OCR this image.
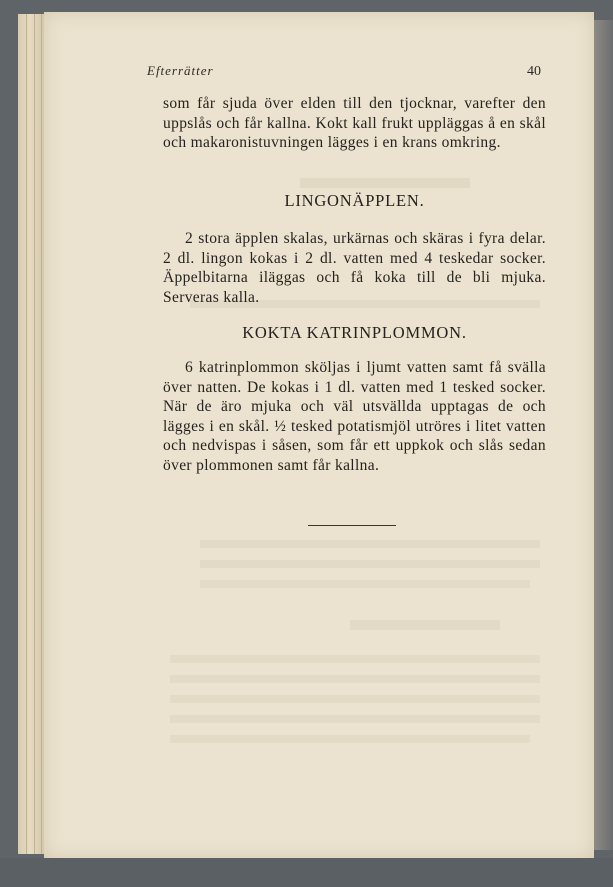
Efterrätter	40

som får sjuda över elden till den tjocknar, varefter den uppslås och får kallna. Kokt kall frukt uppläggas å en skål och makaronistuvningen lägges i en krans omkring.

LINGONÄPPLEN.

2 stora äpplen skalas, urkärnas och skäras i fyra delar. 2 dl. lingon kokas i 2 dl. vatten med 4 teskedar socker. Äppelbitarna iläggas och få koka till de bli mjuka. Serveras kalla.

KOKTA KATRINPLOMMON.

6 katrinplommon sköljas i ljumt vatten samt få svälla över natten. De kokas i 1 dl. vatten med 1 tesked socker. När de äro mjuka och väl utsvällda upptagas de och lägges i en skål. ½ tesked potatismjöl utröres i litet vatten och nedvispas i såsen, som får ett uppkok och slås sedan över plommonen samt får kallna.
